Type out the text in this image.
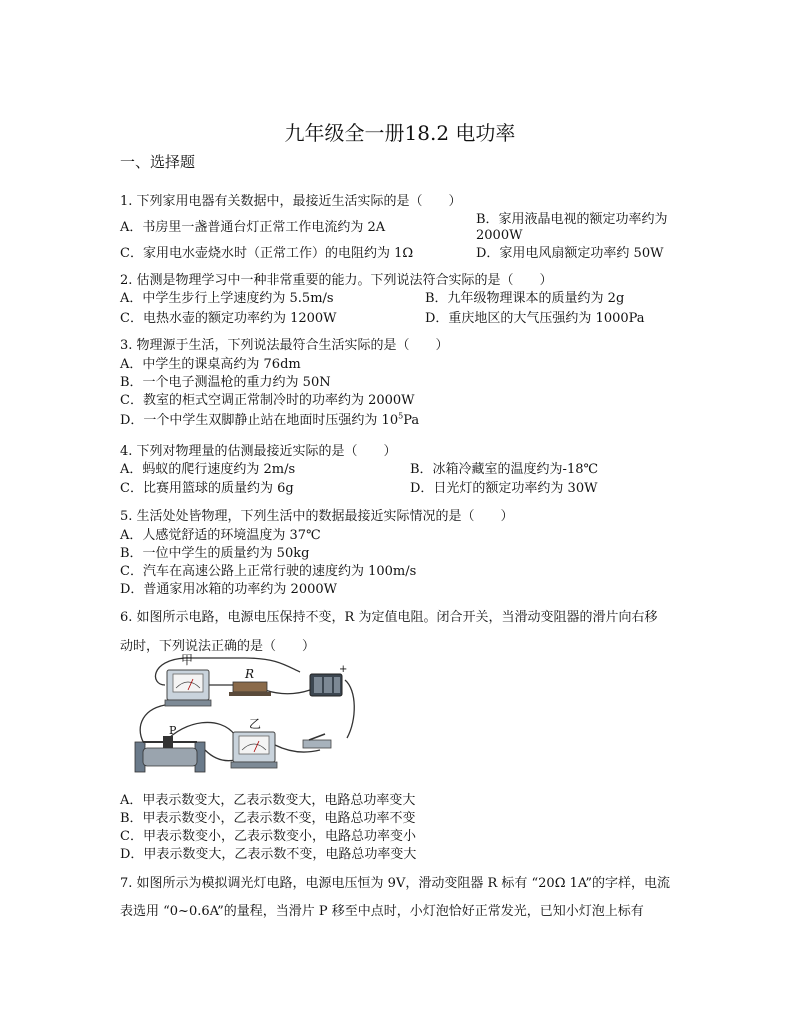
九年级全一册18.2 电功率
一、选择题
1. 下列家用电器有关数据中，最接近生活实际的是（　　）
A．书房里一盏普通台灯正常工作电流约为 2A
B．家用液晶电视的额定功率约为
2000W
C．家用电水壶烧水时（正常工作）的电阻约为 1Ω	D．家用电风扇额定功率约 50W
2. 估测是物理学习中一种非常重要的能力。下列说法符合实际的是（　　）
A．中学生步行上学速度约为 5.5m/s	B．九年级物理课本的质量约为 2g
C．电热水壶的额定功率约为 1200W	D．重庆地区的大气压强约为 1000Pa
3. 物理源于生活，下列说法最符合生活实际的是（　　）
A．中学生的课桌高约为 76dm
B．一个电子测温枪的重力约为 50N
C．教室的柜式空调正常制冷时的功率约为 2000W
D．一个中学生双脚静止站在地面时压强约为 $10^5Pa$
4. 下列对物理量的估测最接近实际的是（　　）
A．蚂蚁的爬行速度约为 2m/s	B．冰箱冷藏室的温度约为-18℃
C．比赛用篮球的质量约为 6g	D．日光灯的额定功率约为 30W
5. 生活处处皆物理，下列生活中的数据最接近实际情况的是（　　）
A．人感觉舒适的环境温度为 37℃
B．一位中学生的质量约为 50kg
C．汽车在高速公路上正常行驶的速度约为 100m/s
D．普通家用冰箱的功率约为 2000W
6. 如图所示电路，电源电压保持不变，R 为定值电阻。闭合开关，当滑动变阻器的滑片向右移
动时，下列说法正确的是（　　）
甲
R	+
乙
P
A．甲表示数变大，乙表示数变大，电路总功率变大
B．甲表示数变小，乙表示数不变，电路总功率不变
C．甲表示数变小，乙表示数变小，电路总功率变小
D．甲表示数变大，乙表示数不变，电路总功率变大
7. 如图所示为模拟调光灯电路，电源电压恒为 9V，滑动变阻器 R 标有 “20Ω 1A”的字样，电流
表选用 “0~0.6A”的量程，当滑片 P 移至中点时，小灯泡恰好正常发光，已知小灯泡上标有
